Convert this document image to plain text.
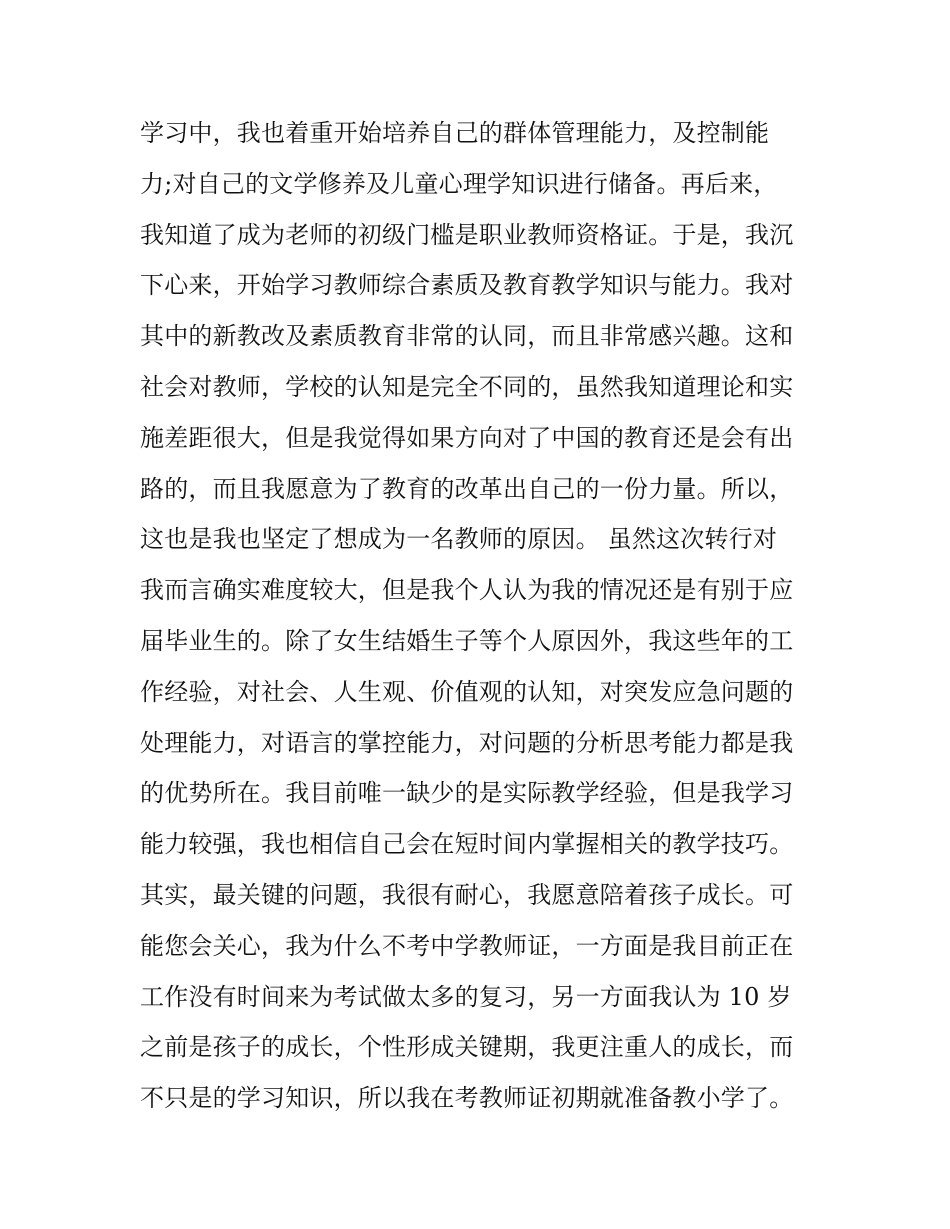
学习中，我也着重开始培养自己的群体管理能力，及控制能
力;对自己的文学修养及儿童心理学知识进行储备。再后来，
我知道了成为老师的初级门槛是职业教师资格证。于是，我沉
下心来，开始学习教师综合素质及教育教学知识与能力。我对
其中的新教改及素质教育非常的认同，而且非常感兴趣。这和
社会对教师，学校的认知是完全不同的，虽然我知道理论和实
施差距很大，但是我觉得如果方向对了中国的教育还是会有出
路的，而且我愿意为了教育的改革出自己的一份力量。所以，
这也是我也坚定了想成为一名教师的原因。 虽然这次转行对
我而言确实难度较大，但是我个人认为我的情况还是有别于应
届毕业生的。除了女生结婚生子等个人原因外，我这些年的工
作经验，对社会、人生观、价值观的认知，对突发应急问题的
处理能力，对语言的掌控能力，对问题的分析思考能力都是我
的优势所在。我目前唯一缺少的是实际教学经验，但是我学习
能力较强，我也相信自己会在短时间内掌握相关的教学技巧。
其实，最关键的问题，我很有耐心，我愿意陪着孩子成长。可
能您会关心，我为什么不考中学教师证，一方面是我目前正在
工作没有时间来为考试做太多的复习，另一方面我认为 10 岁
之前是孩子的成长，个性形成关键期，我更注重人的成长，而
不只是的学习知识，所以我在考教师证初期就准备教小学了。
